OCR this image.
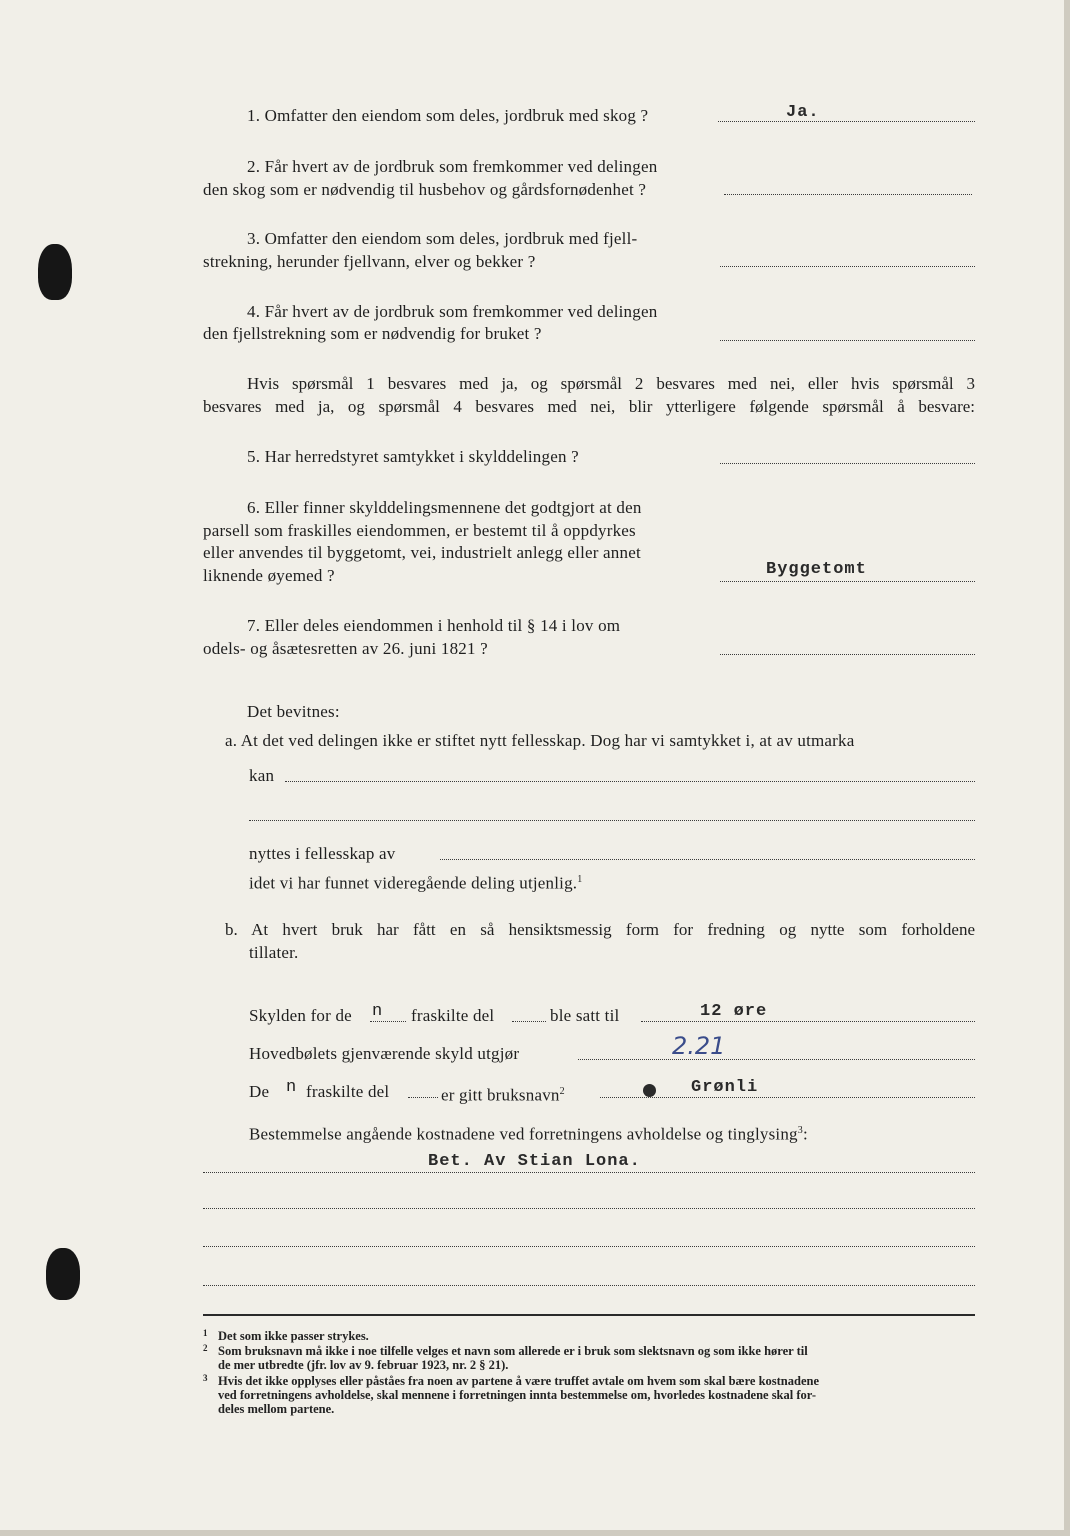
1. Omfatter den eiendom som deles, jordbruk med skog ?	Ja.
2. Får hvert av de jordbruk som fremkommer ved delingen
den skog som er nødvendig til husbehov og gårdsfornødenhet ?
3. Omfatter den eiendom som deles, jordbruk med fjell-
strekning, herunder fjellvann, elver og bekker ?
4. Får hvert av de jordbruk som fremkommer ved delingen
den fjellstrekning som er nødvendig for bruket ?
Hvis spørsmål 1 besvares med ja, og spørsmål 2 besvares med nei, eller hvis spørsmål 3
besvares med ja, og spørsmål 4 besvares med nei, blir ytterligere følgende spørsmål å besvare:
5. Har herredstyret samtykket i skylddelingen ?
6. Eller finner skylddelingsmennene det godtgjort at den
parsell som fraskilles eiendommen, er bestemt til å oppdyrkes
eller anvendes til byggetomt, vei, industrielt anlegg eller annet
liknende øyemed ?	Byggetomt
7. Eller deles eiendommen i henhold til § 14 i lov om
odels- og åsætesretten av 26. juni 1821 ?
Det bevitnes:
a. At det ved delingen ikke er stiftet nytt fellesskap. Dog har vi samtykket i, at av utmarka
kan
nyttes i fellesskap av
idet vi har funnet videregående deling utjenlig.$^1$
b. At hvert bruk har fått en så hensiktsmessig form for fredning og nytte som forholdene
tillater.
Skylden for de n fraskilte del	ble satt til	12 øre
Hovedbølets gjenværende skyld utgjør	2.21
De n fraskilte del	er gitt bruksnavn$^2$	Grønli
Bestemmelse angående kostnadene ved forretningens avholdelse og tinglysing$^3$:
Bet. Av Stian Lona.
1 Det som ikke passer strykes.
2 Som bruksnavn må ikke i noe tilfelle velges et navn som allerede er i bruk som slektsnavn og som ikke hører til
de mer utbredte (jfr. lov av 9. februar 1923, nr. 2 § 21).
3 Hvis det ikke opplyses eller påståes fra noen av partene å være truffet avtale om hvem som skal bære kostnadene
ved forretningens avholdelse, skal mennene i forretningen innta bestemmelse om, hvorledes kostnadene skal for-
deles mellom partene.
